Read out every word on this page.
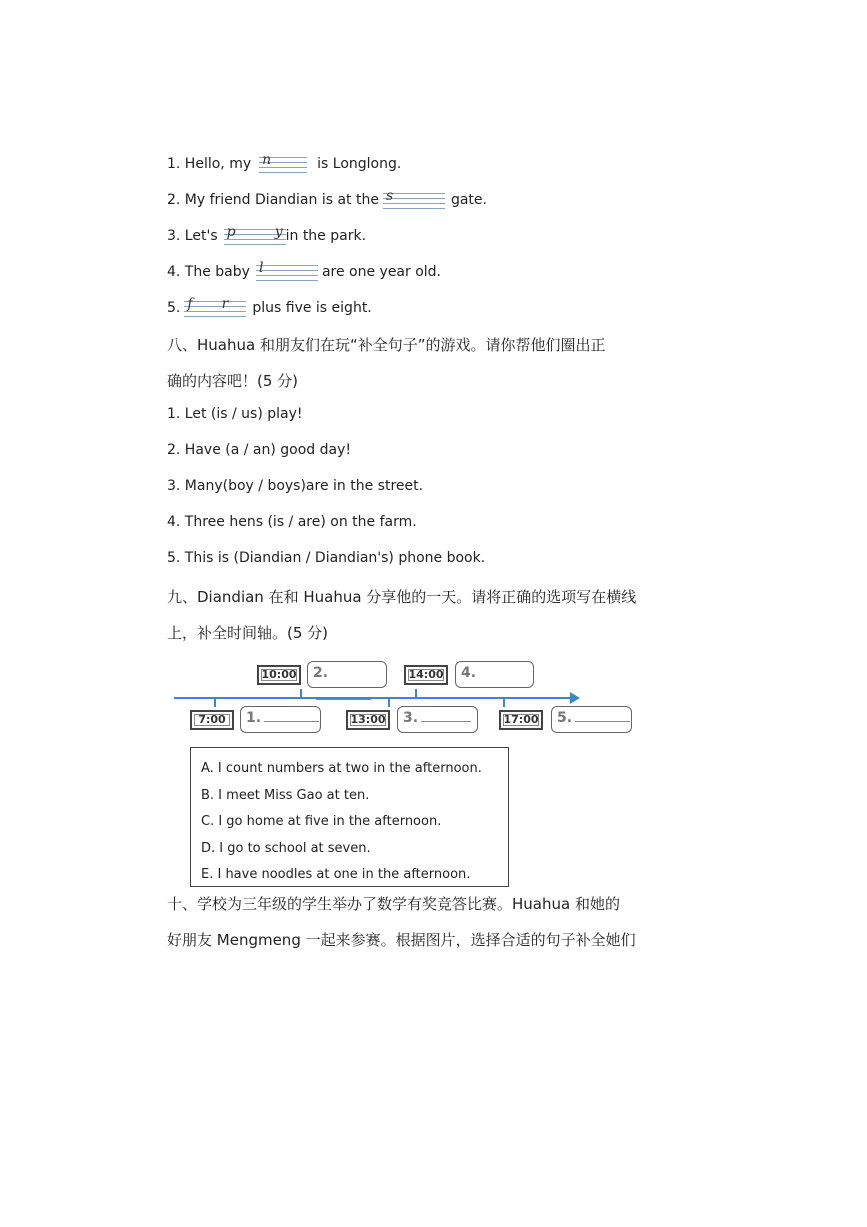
1. Hello, my n	is Longlong.
2. My friend Diandian is at the s	gate.
3. Let's p	y in the park.
4. The baby l	are one year old.
5. f r plus five is eight.
八、Huahua 和朋友们在玩“补全句子”的游戏。请你帮他们圈出正
确的内容吧！(5 分)
1. Let (is / us) play!
2. Have (a / an) good day!
3. Many(boy / boys)are in the street.
4. Three hens (is / are) on the farm.
5. This is (Diandian / Diandian's) phone book.
九、Diandian 在和 Huahua 分享他的一天。请将正确的选项写在横线
上，补全时间轴。(5 分)
10:00	2.	14:00	4.
7:00	1.	13:00	3.	17:00	5.
A. I count numbers at two in the afternoon.
B. I meet Miss Gao at ten.
C. I go home at five in the afternoon.
D. I go to school at seven.
E. I have noodles at one in the afternoon.
十、学校为三年级的学生举办了数学有奖竞答比赛。Huahua 和她的
好朋友 Mengmeng 一起来参赛。根据图片，选择合适的句子补全她们
